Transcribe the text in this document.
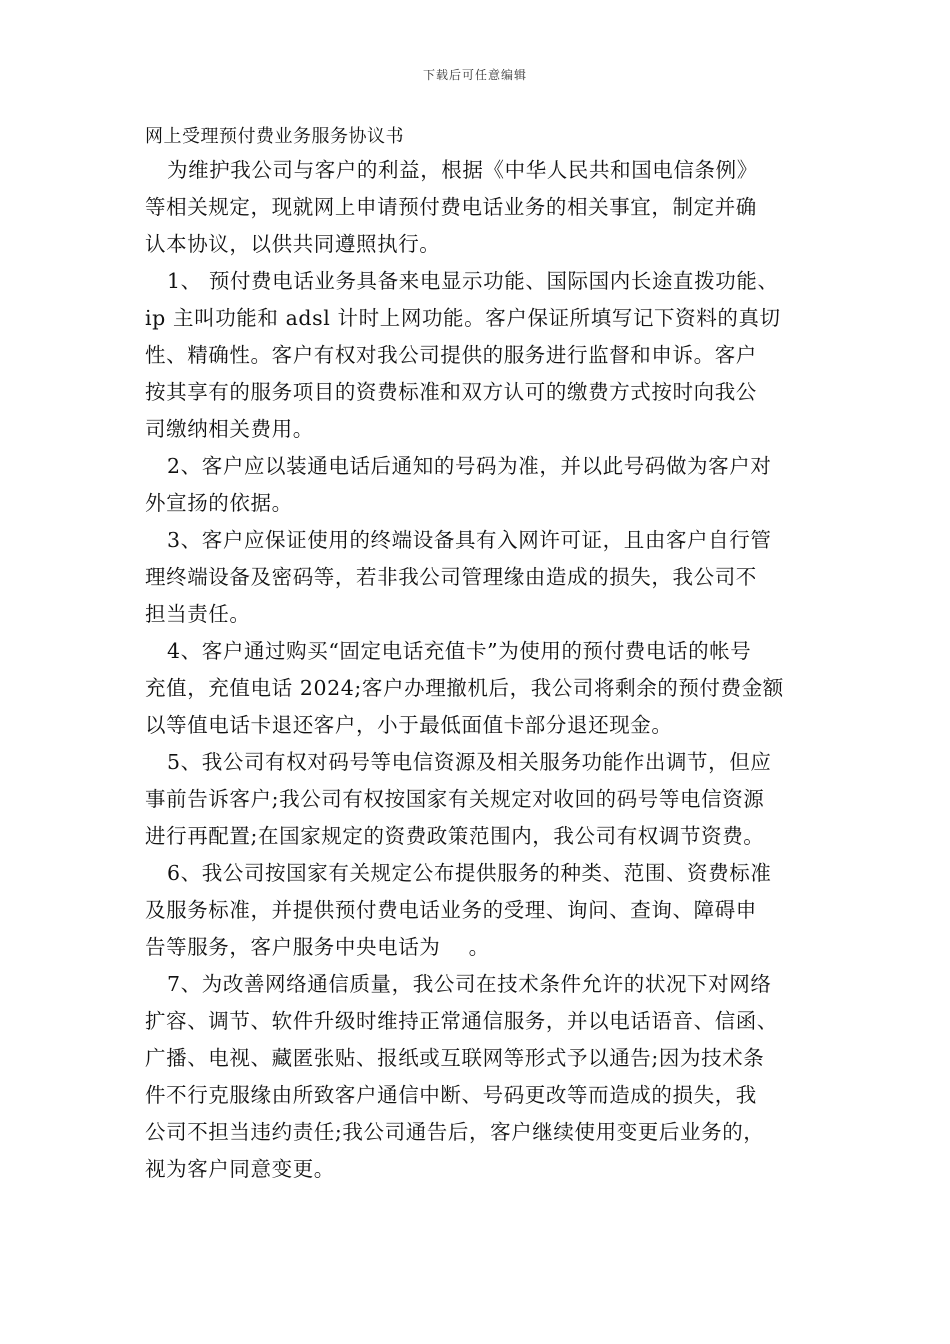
下载后可任意编辑

网上受理预付费业务服务协议书

为维护我公司与客户的利益，根据《中华人民共和国电信条例》
等相关规定，现就网上申请预付费电话业务的相关事宜，制定并确
认本协议，以供共同遵照执行。

1、 预付费电话业务具备来电显示功能、国际国内长途直拨功能、
ip 主叫功能和 adsl 计时上网功能。客户保证所填写记下资料的真切
性、精确性。客户有权对我公司提供的服务进行监督和申诉。客户
按其享有的服务项目的资费标准和双方认可的缴费方式按时向我公
司缴纳相关费用。

2、客户应以装通电话后通知的号码为准，并以此号码做为客户对
外宣扬的依据。

3、客户应保证使用的终端设备具有入网许可证，且由客户自行管
理终端设备及密码等，若非我公司管理缘由造成的损失，我公司不
担当责任。

4、客户通过购买“固定电话充值卡”为使用的预付费电话的帐号
充值，充值电话 2024;客户办理撤机后，我公司将剩余的预付费金额
以等值电话卡退还客户，小于最低面值卡部分退还现金。

5、我公司有权对码号等电信资源及相关服务功能作出调节，但应
事前告诉客户;我公司有权按国家有关规定对收回的码号等电信资源
进行再配置;在国家规定的资费政策范围内，我公司有权调节资费。

6、我公司按国家有关规定公布提供服务的种类、范围、资费标准
及服务标准，并提供预付费电话业务的受理、询问、查询、障碍申
告等服务，客户服务中央电话为　 。

7、为改善网络通信质量，我公司在技术条件允许的状况下对网络
扩容、调节、软件升级时维持正常通信服务，并以电话语音、信函、
广播、电视、藏匿张贴、报纸或互联网等形式予以通告;因为技术条
件不行克服缘由所致客户通信中断、号码更改等而造成的损失，我
公司不担当违约责任;我公司通告后，客户继续使用变更后业务的，
视为客户同意变更。
